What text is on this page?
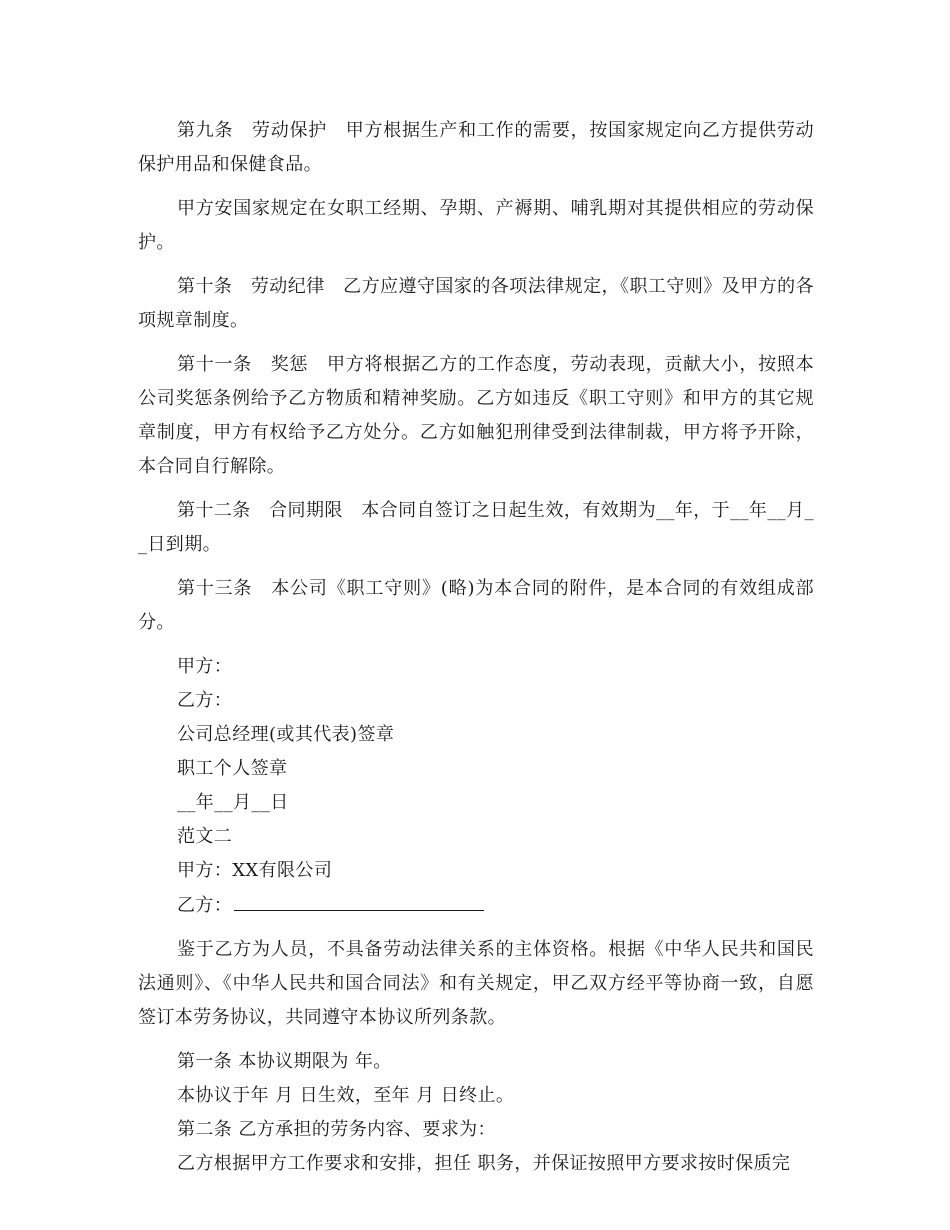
第九条　劳动保护　甲方根据生产和工作的需要，按国家规定向乙方提供劳动保护用品和保健食品。

甲方安国家规定在女职工经期、孕期、产褥期、哺乳期对其提供相应的劳动保护。

第十条　劳动纪律　乙方应遵守国家的各项法律规定，《职工守则》及甲方的各项规章制度。

第十一条　奖惩　甲方将根据乙方的工作态度，劳动表现，贡献大小，按照本公司奖惩条例给予乙方物质和精神奖励。乙方如违反《职工守则》和甲方的其它规章制度，甲方有权给予乙方处分。乙方如触犯刑律受到法律制裁，甲方将予开除，本合同自行解除。

第十二条　合同期限　本合同自签订之日起生效，有效期为__年，于__年__月__日到期。

第十三条　本公司《职工守则》(略)为本合同的附件，是本合同的有效组成部分。

甲方：

乙方：

公司总经理(或其代表)签章

职工个人签章

__年__月__日

范文二

甲方：XX有限公司

乙方：

鉴于乙方为人员，不具备劳动法律关系的主体资格。根据《中华人民共和国民法通则》、《中华人民共和国合同法》和有关规定，甲乙双方经平等协商一致，自愿签订本劳务协议，共同遵守本协议所列条款。

第一条 本协议期限为 年。

本协议于年 月 日生效，至年 月 日终止。

第二条 乙方承担的劳务内容、要求为：

乙方根据甲方工作要求和安排，担任 职务，并保证按照甲方要求按时保质完
